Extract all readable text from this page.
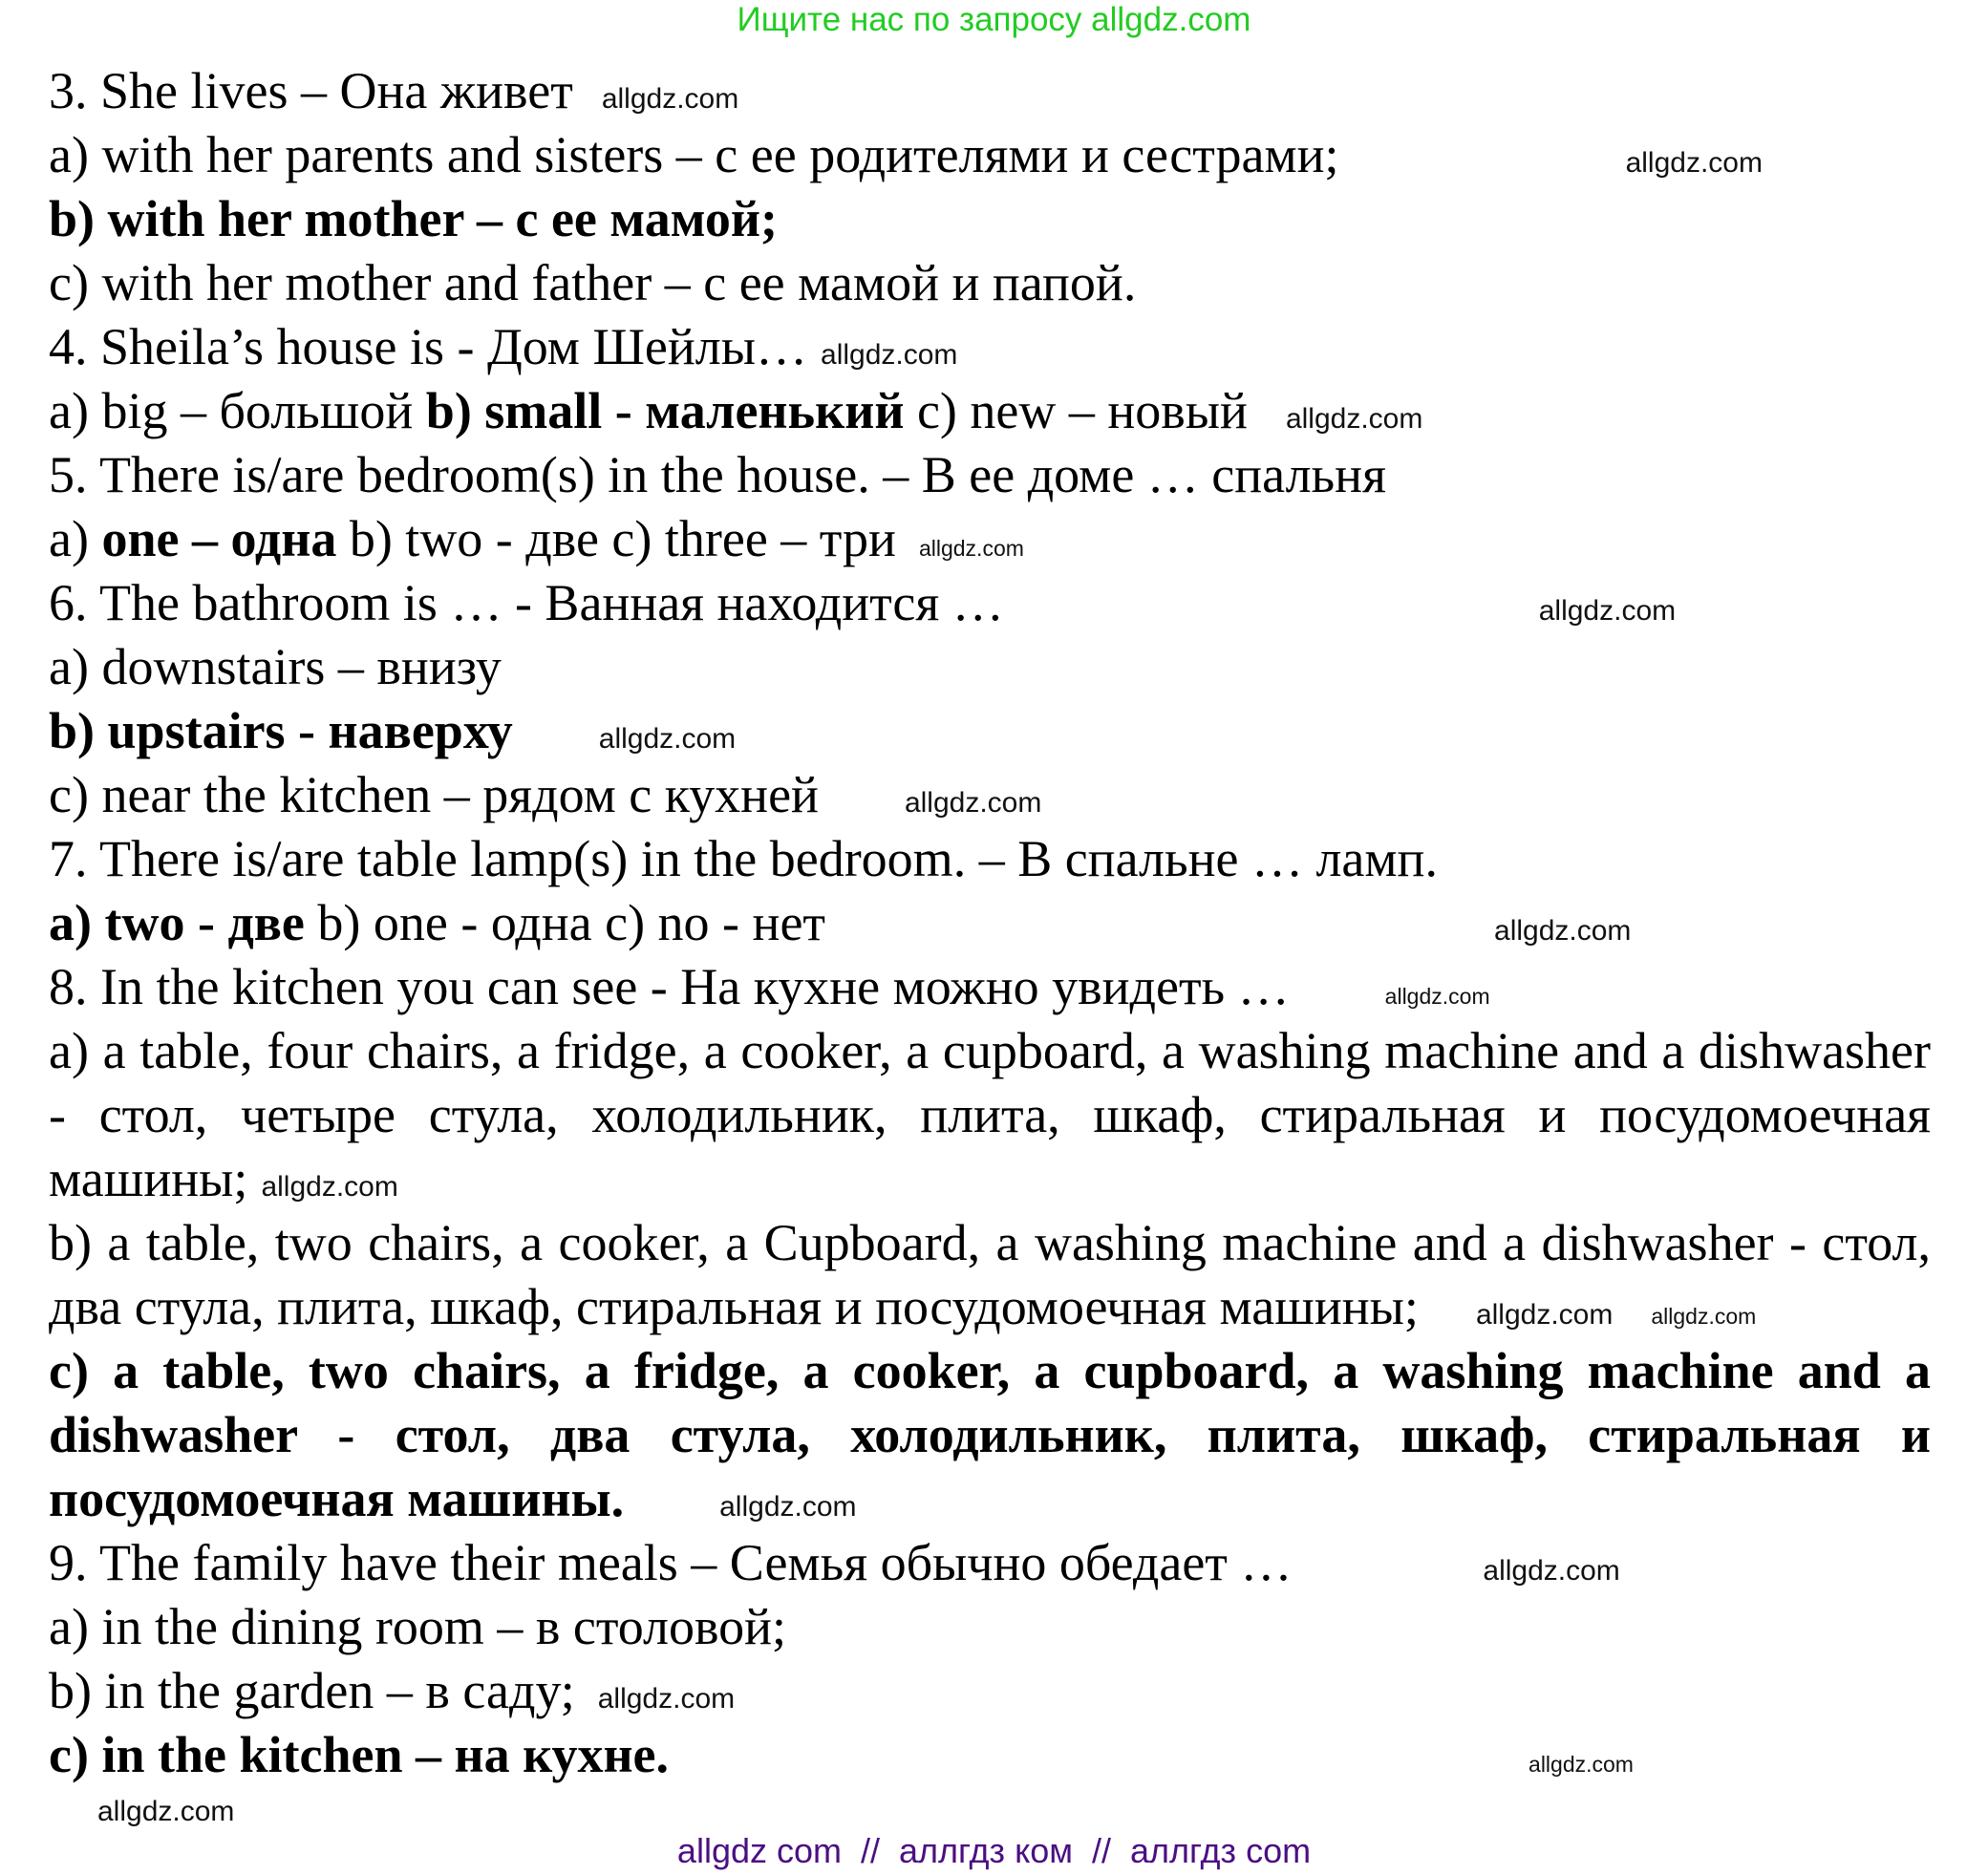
Ищите нас по запросу allgdz.com
3. She lives – Она живет allgdz.com
a) with her parents and sisters – с ее родителями и сестрами;	allgdz.com
b) with her mother – с ее мамой;
c) with her mother and father – с ее мамой и папой.
4. Sheila’s house is - Дом Шейлы… allgdz.com
a) big – большой b) small - маленький c) new – новый allgdz.com
5. There is/are bedroom(s) in the house. – В ее доме … спальня
a) one – одна b) two - две c) three – три allgdz.com
6. The bathroom is … - Ванная находится …	allgdz.com
a) downstairs – внизу
b) upstairs - наверху	allgdz.com
c) near the kitchen – рядом с кухней	allgdz.com
7. There is/are table lamp(s) in the bedroom. – В спальне … ламп.
a) two - две b) one - одна c) no - нет	allgdz.com
8. In the kitchen you can see - На кухне можно увидеть …	allgdz.com
a) a table, four chairs, a fridge, a cooker, a cupboard, a washing machine and a dishwasher - стол, четыре стула, холодильник, плита, шкаф, стиральная и посудомоечная машины; allgdz.com
b) a table, two chairs, a cooker, a Cupboard, a washing machine and a dishwasher - стол, два стула, плита, шкаф, стиральная и посудомоечная машины; allgdz.com allgdz.com
c) a table, two chairs, a fridge, a cooker, a cupboard, a washing machine and a dishwasher - стол, два стула, холодильник, плита, шкаф, стиральная и посудомоечная машины.	allgdz.com
9. The family have their meals – Семья обычно обедает …	allgdz.com
a) in the dining room – в столовой;
b) in the garden – в саду; allgdz.com
c) in the kitchen – на кухне.	allgdz.com
allgdz.com
allgdz com  //  аллгдз ком  //  аллгдз com
